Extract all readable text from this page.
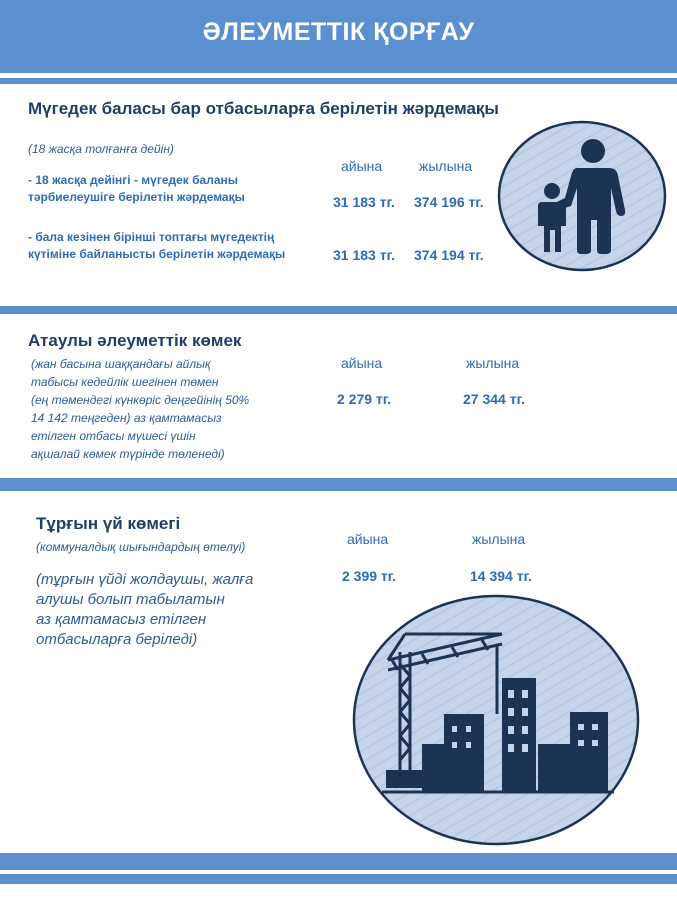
ӘЛЕУМЕТТІК ҚОРҒАУ
Мүгедек баласы бар отбасыларға берілетін жәрдемақы
(18 жасқа толғанға дейін)
айына	жылына
- 18 жасқа дейінгі - мүгедек баланы
тәрбиелеушіге берілетін жәрдемақы	31 183 тг. 374 196 тг.
- бала кезінен бірінші топтағы мүгедектің
күтіміне байланысты берілетін жәрдемақы	31 183 тг. 374 194 тг.
Атаулы әлеуметтік көмек
(жан басына шаққандағы айлық
табысы кедейлік шегінен төмен
(ең төмендегі күнкөріс деңгейінің 50%
14 142 теңгеден) аз қамтамасыз
етілген отбасы мүшесі үшін
ақшалай көмек түрінде төленеді)
айына	жылына
2 279 тг.	27 344 тг.
Тұрғын үй көмегі
(коммуналдық шығындардың өтелуі)	айына	жылына
2 399 тг.	14 394 тг.
(тұрғын үйді жолдаушы, жалға
алушы болып табылатын
аз қамтамасыз етілген
отбасыларға беріледі)
